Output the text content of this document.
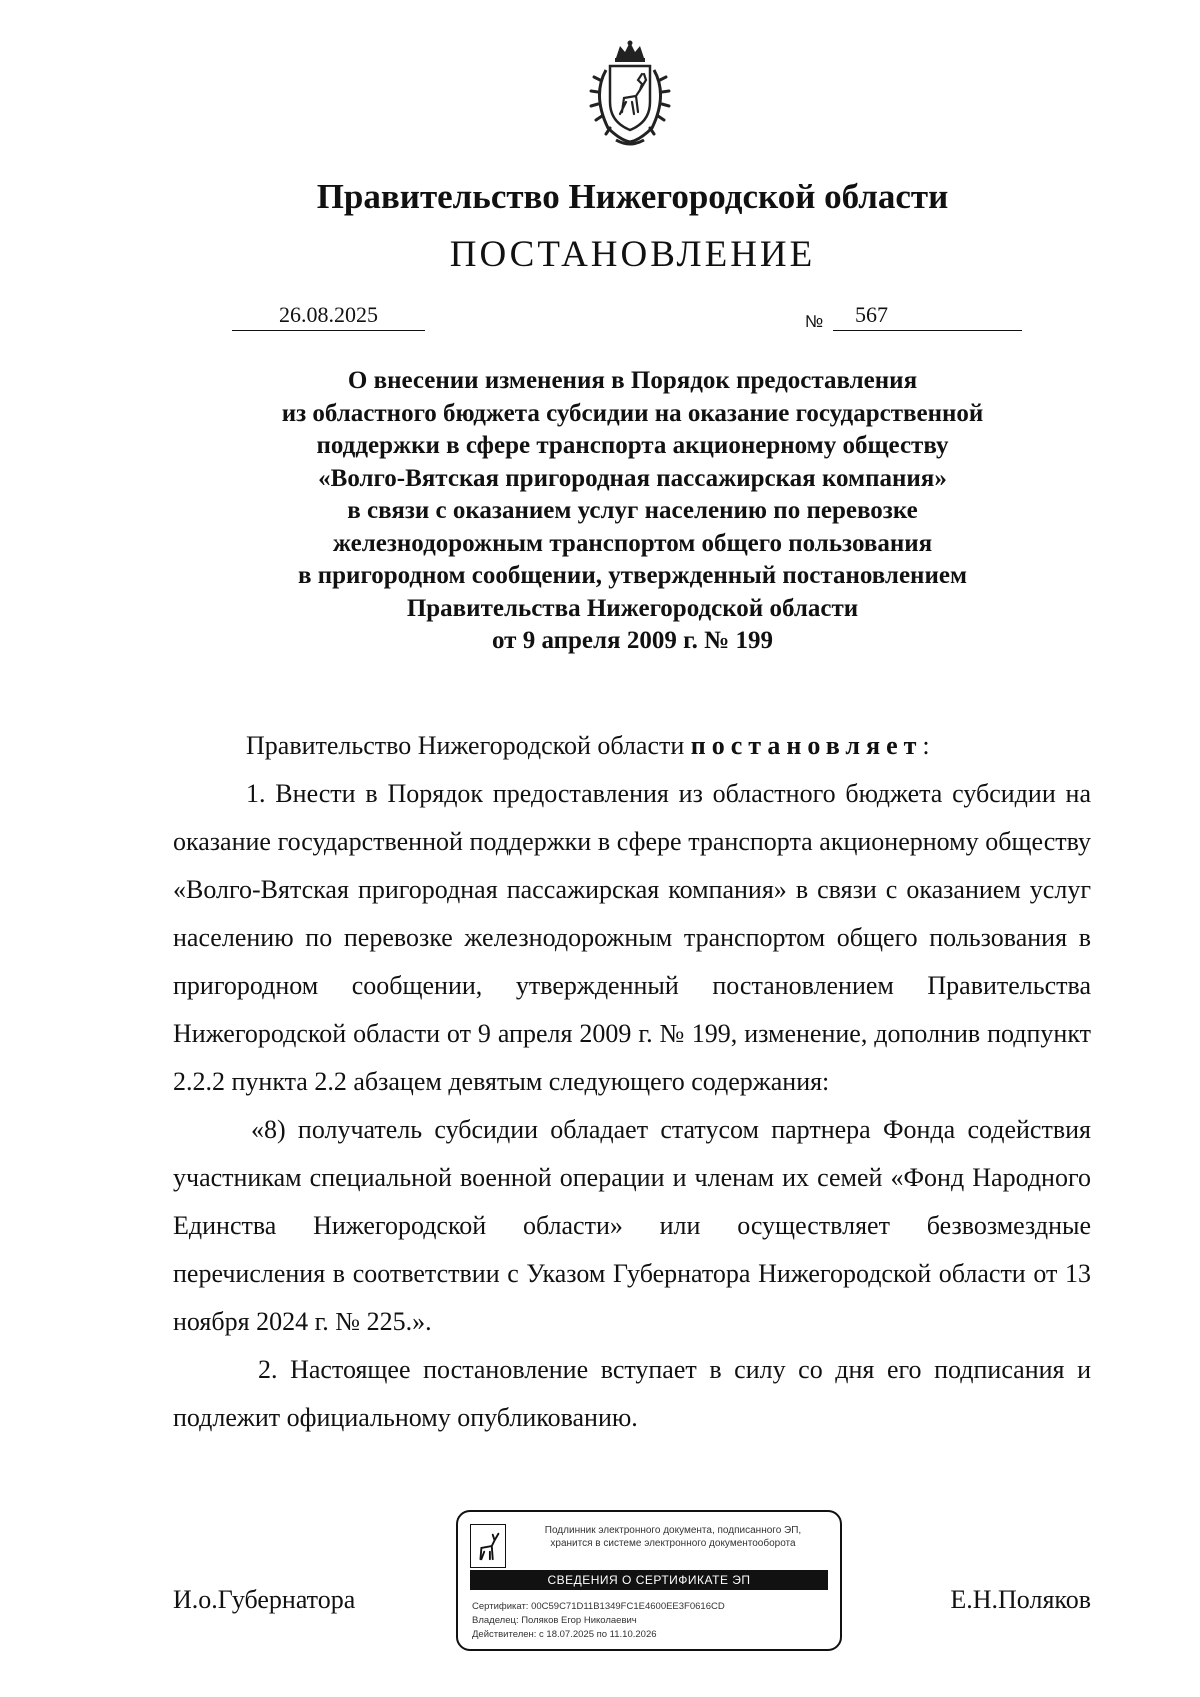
Правительство Нижегородской области
ПОСТАНОВЛЕНИЕ
26.08.2025	№ 567
О внесении изменения в Порядок предоставления
из областного бюджета субсидии на оказание государственной
поддержки в сфере транспорта акционерному обществу
«Волго-Вятская пригородная пассажирская компания»
в связи с оказанием услуг населению по перевозке
железнодорожным транспортом общего пользования
в пригородном сообщении, утвержденный постановлением
Правительства Нижегородской области
от 9 апреля 2009 г. № 199

Правительство Нижегородской области постановляет:

1. Внести в Порядок предоставления из областного бюджета субсидии на оказание государственной поддержки в сфере транспорта акционерному обществу «Волго-Вятская пригородная пассажирская компания» в связи с оказанием услуг населению по перевозке железнодорожным транспортом общего пользования в пригородном сообщении, утвержденный постановлением Правительства Нижегородской области от 9 апреля 2009 г. № 199, изменение, дополнив подпункт 2.2.2 пункта 2.2 абзацем девятым следующего содержания:

«8) получатель субсидии обладает статусом партнера Фонда содействия участникам специальной военной операции и членам их семей «Фонд Народного Единства Нижегородской области» или осуществляет безвозмездные перечисления в соответствии с Указом Губернатора Нижегородской области от 13 ноября 2024 г. № 225.».

2. Настоящее постановление вступает в силу со дня его подписания и подлежит официальному опубликованию.

И.о.Губернатора	Е.Н.Поляков
Подлинник электронного документа, подписанного ЭП,
хранится в системе электронного документооборота
СВЕДЕНИЯ О СЕРТИФИКАТЕ ЭП
Сертификат: 00C59C71D11B1349FC1E4600EE3F0616CD
Владелец: Поляков Егор Николаевич
Действителен: с 18.07.2025 по 11.10.2026
